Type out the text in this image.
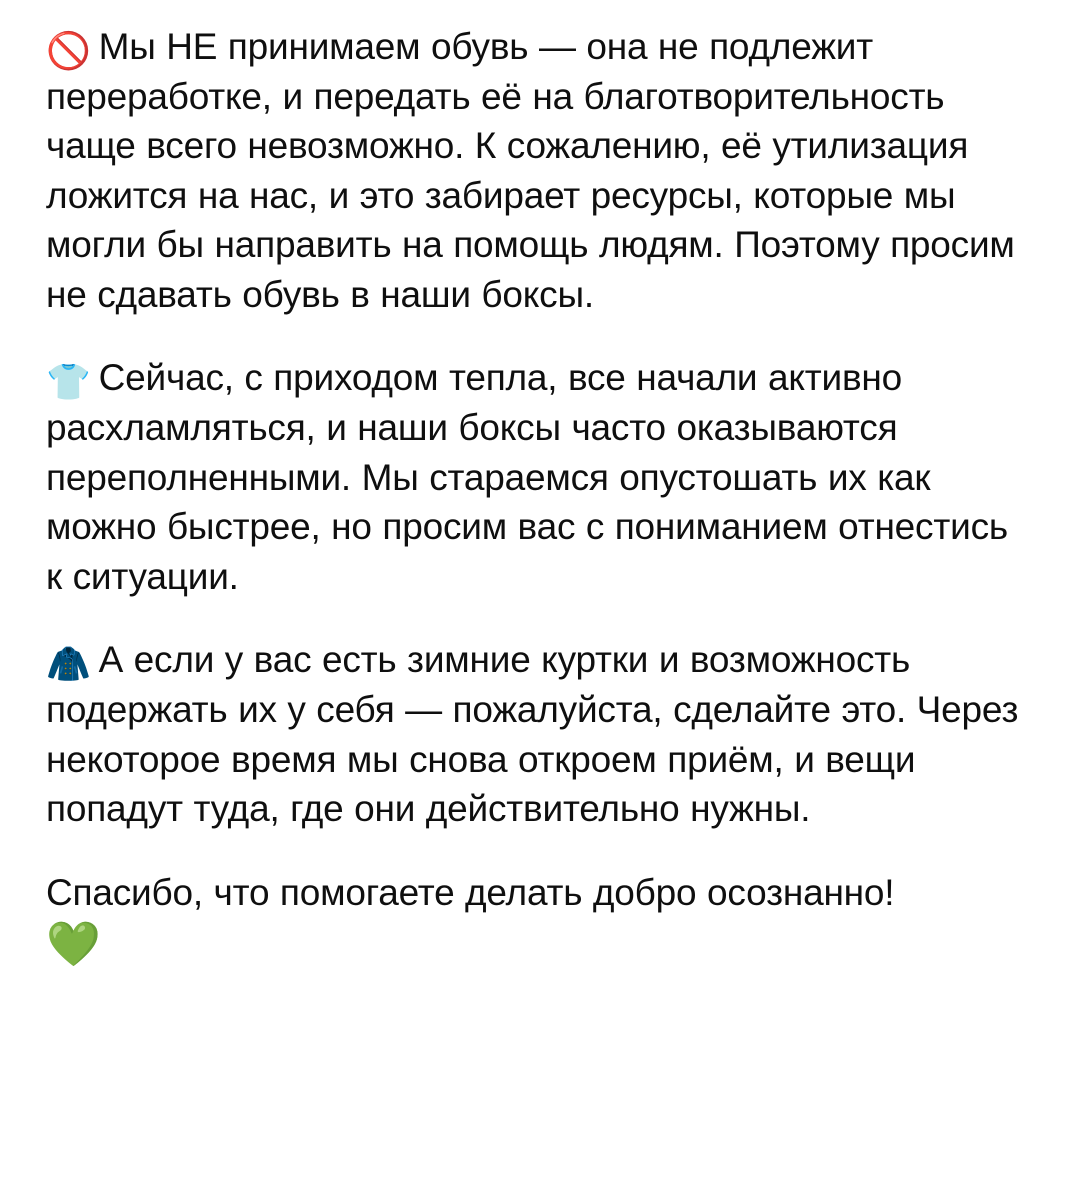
🚫 Мы НЕ принимаем обувь — она не подлежит переработке, и передать её на благотворительность чаще всего невозможно. К сожалению, её утилизация ложится на нас, и это забирает ресурсы, которые мы могли бы направить на помощь людям. Поэтому просим не сдавать обувь в наши боксы.

👕 Сейчас, с приходом тепла, все начали активно расхламляться, и наши боксы часто оказываются переполненными. Мы стараемся опустошать их как можно быстрее, но просим вас с пониманием отнестись к ситуации.

🧥 А если у вас есть зимние куртки и возможность подержать их у себя — пожалуйста, сделайте это. Через некоторое время мы снова откроем приём, и вещи попадут туда, где они действительно нужны.

Спасибо, что помогаете делать добро осознанно!
💚
